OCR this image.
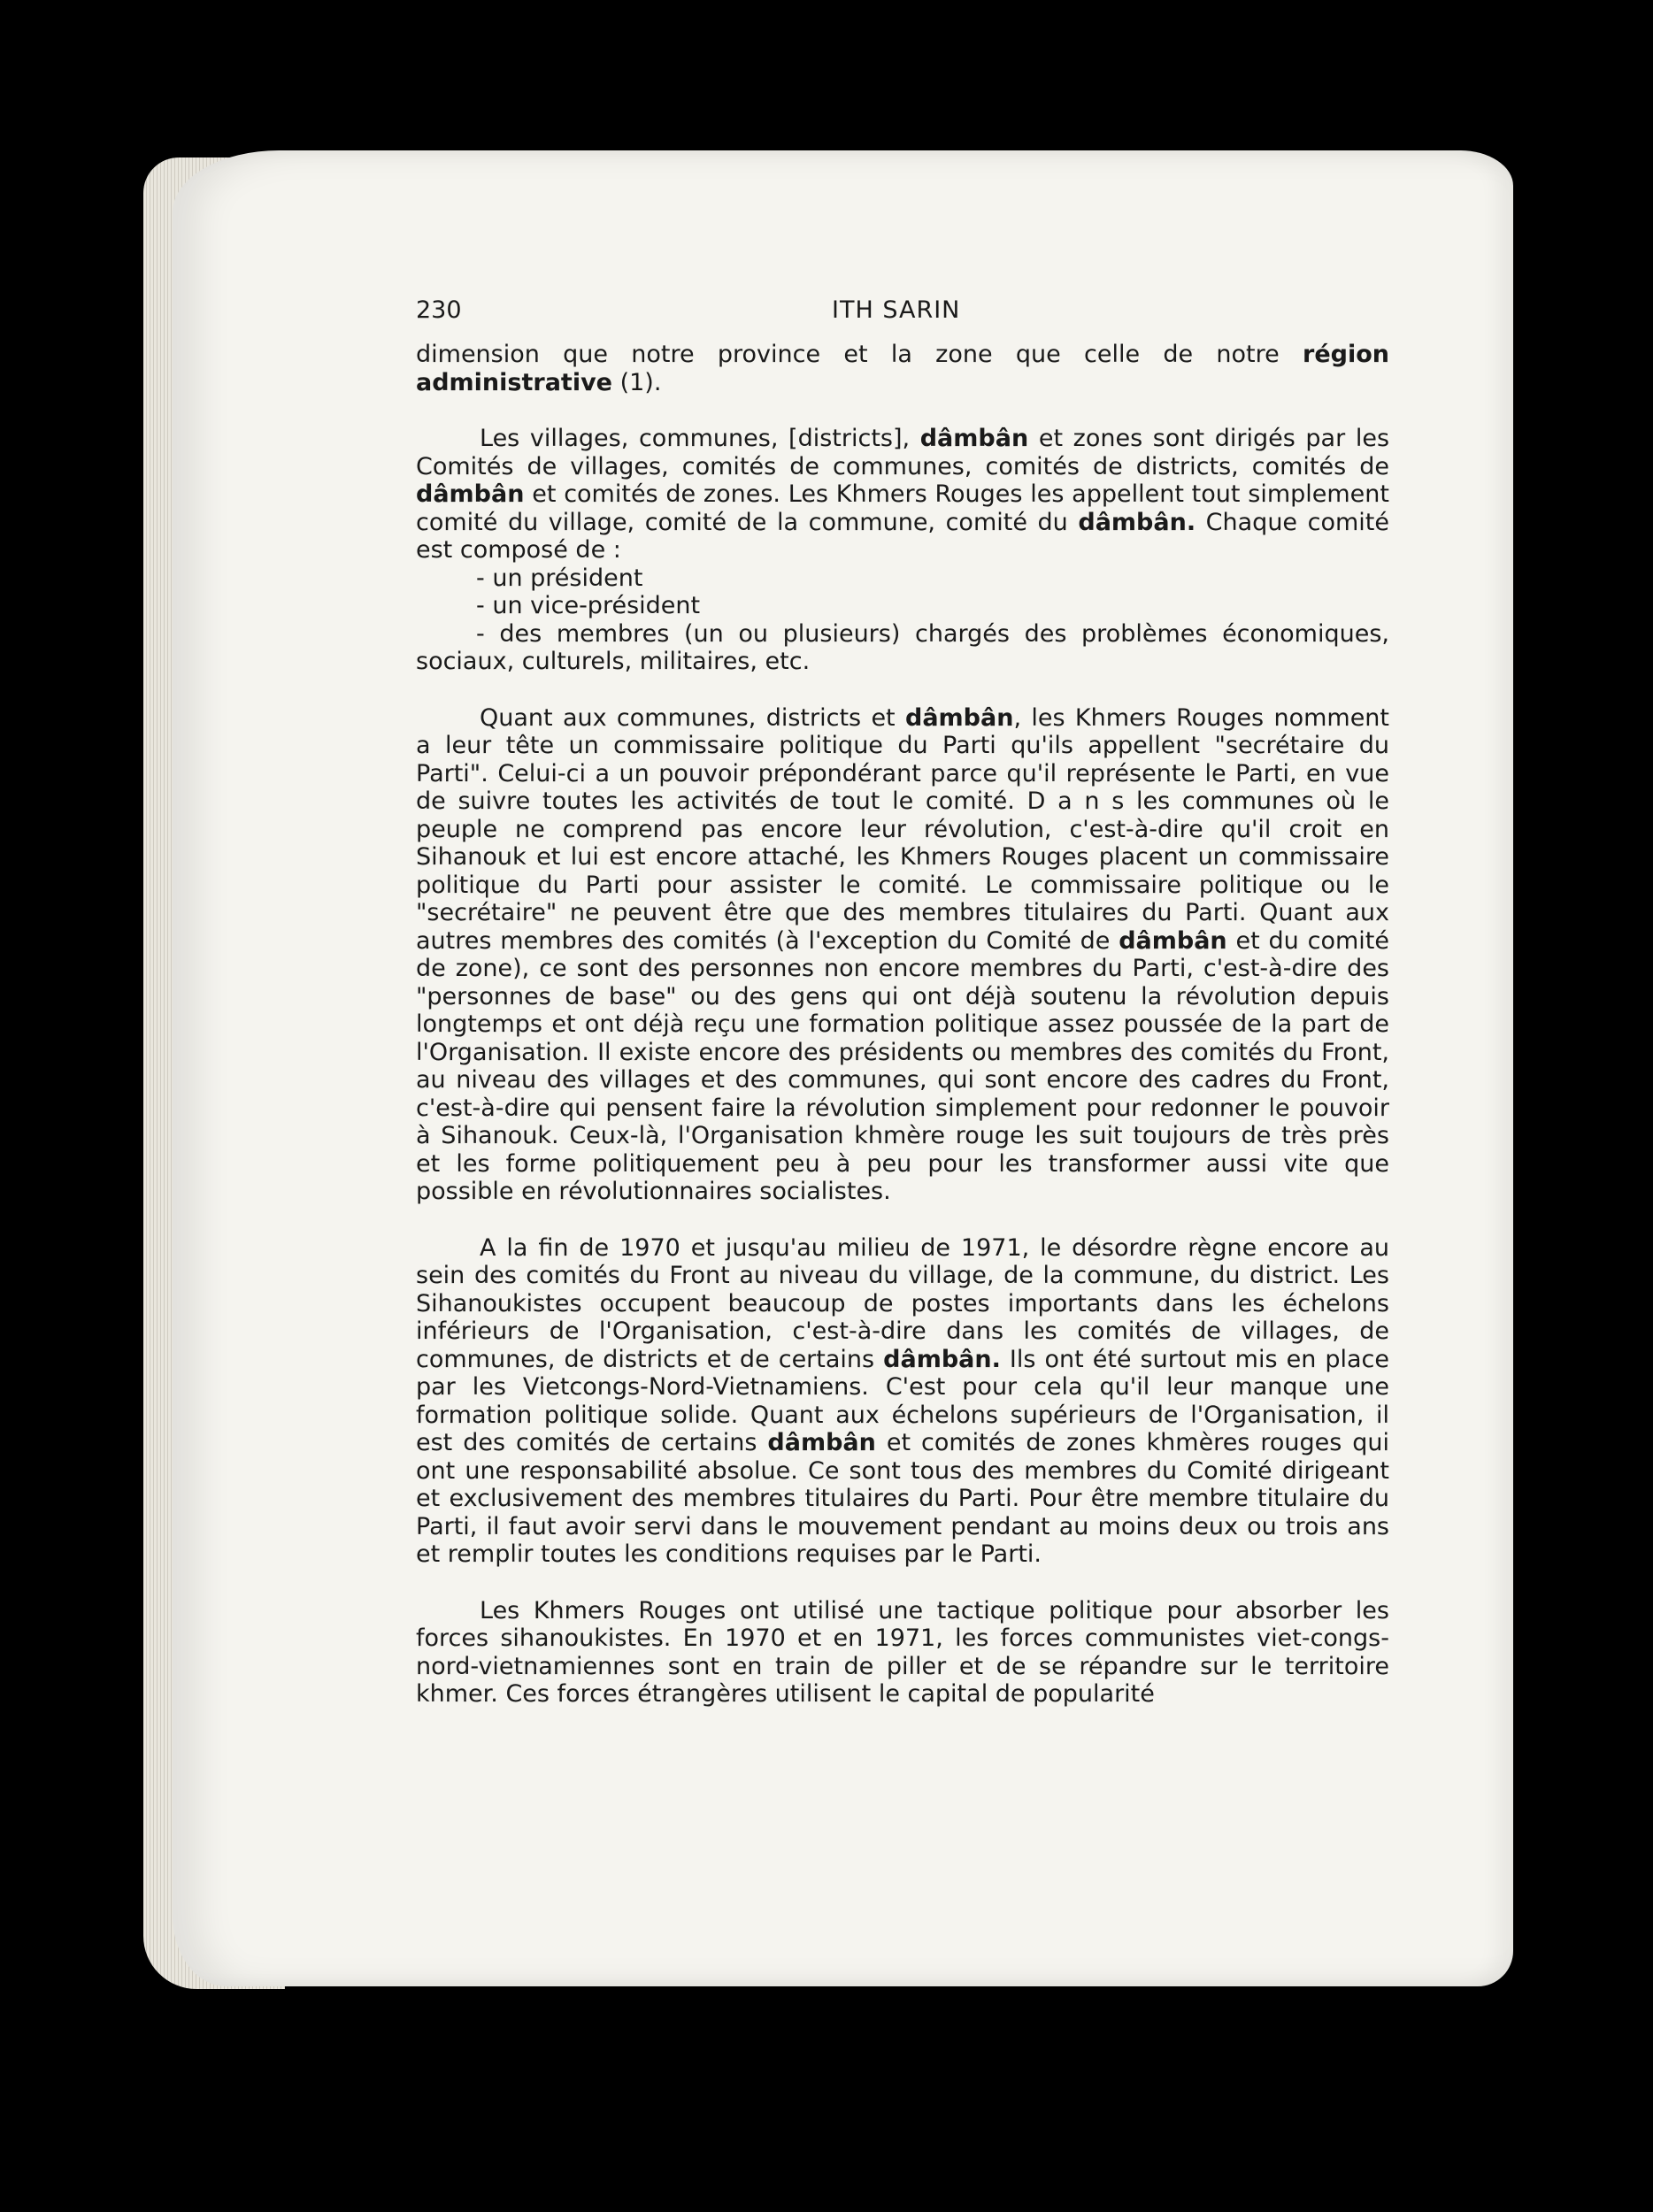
230	ITH SARIN

dimension que notre province et la zone que celle de notre région administrative (1).

Les villages, communes, [districts], dâmbân et zones sont dirigés par les Comités de villages, comités de communes, comités de districts, comités de dâmbân et comités de zones. Les Khmers Rouges les appellent tout simplement comité du village, comité de la commune, comité du dâmbân. Chaque comité est composé de :

- un président
- un vice-président
- des membres (un ou plusieurs) chargés des problèmes économiques, sociaux, culturels, militaires, etc.

Quant aux communes, districts et dâmbân, les Khmers Rouges nomment a leur tête un commissaire politique du Parti qu'ils appellent "secrétaire du Parti". Celui-ci a un pouvoir prépondérant parce qu'il représente le Parti, en vue de suivre toutes les activités de tout le comité. D a n s les communes où le peuple ne comprend pas encore leur révolution, c'est-à-dire qu'il croit en Sihanouk et lui est encore attaché, les Khmers Rouges placent un commissaire politique du Parti pour assister le comité. Le commissaire politique ou le "secrétaire" ne peuvent être que des membres titulaires du Parti. Quant aux autres membres des comités (à l'exception du Comité de dâmbân et du comité de zone), ce sont des personnes non encore membres du Parti, c'est-à-dire des "personnes de base" ou des gens qui ont déjà soutenu la révolution depuis longtemps et ont déjà reçu une formation politique assez poussée de la part de l'Organisation. Il existe encore des présidents ou membres des comités du Front, au niveau des villages et des communes, qui sont encore des cadres du Front, c'est-à-dire qui pensent faire la révolution simplement pour redonner le pouvoir à Sihanouk. Ceux-là, l'Organisation khmère rouge les suit toujours de très près et les forme politiquement peu à peu pour les transformer aussi vite que possible en révolutionnaires socialistes.

A la fin de 1970 et jusqu'au milieu de 1971, le désordre règne encore au sein des comités du Front au niveau du village, de la commune, du district. Les Sihanoukistes occupent beaucoup de postes importants dans les échelons inférieurs de l'Organisation, c'est-à-dire dans les comités de villages, de communes, de districts et de certains dâmbân. Ils ont été surtout mis en place par les Vietcongs-Nord-Vietnamiens. C'est pour cela qu'il leur manque une formation politique solide. Quant aux échelons supérieurs de l'Organisation, il est des comités de certains dâmbân et comités de zones khmères rouges qui ont une responsabilité absolue. Ce sont tous des membres du Comité dirigeant et exclusivement des membres titulaires du Parti. Pour être membre titulaire du Parti, il faut avoir servi dans le mouvement pendant au moins deux ou trois ans et remplir toutes les conditions requises par le Parti.

Les Khmers Rouges ont utilisé une tactique politique pour absorber les forces sihanoukistes. En 1970 et en 1971, les forces communistes viet-congs-nord-vietnamiennes sont en train de piller et de se répandre sur le territoire khmer. Ces forces étrangères utilisent le capital de popularité
